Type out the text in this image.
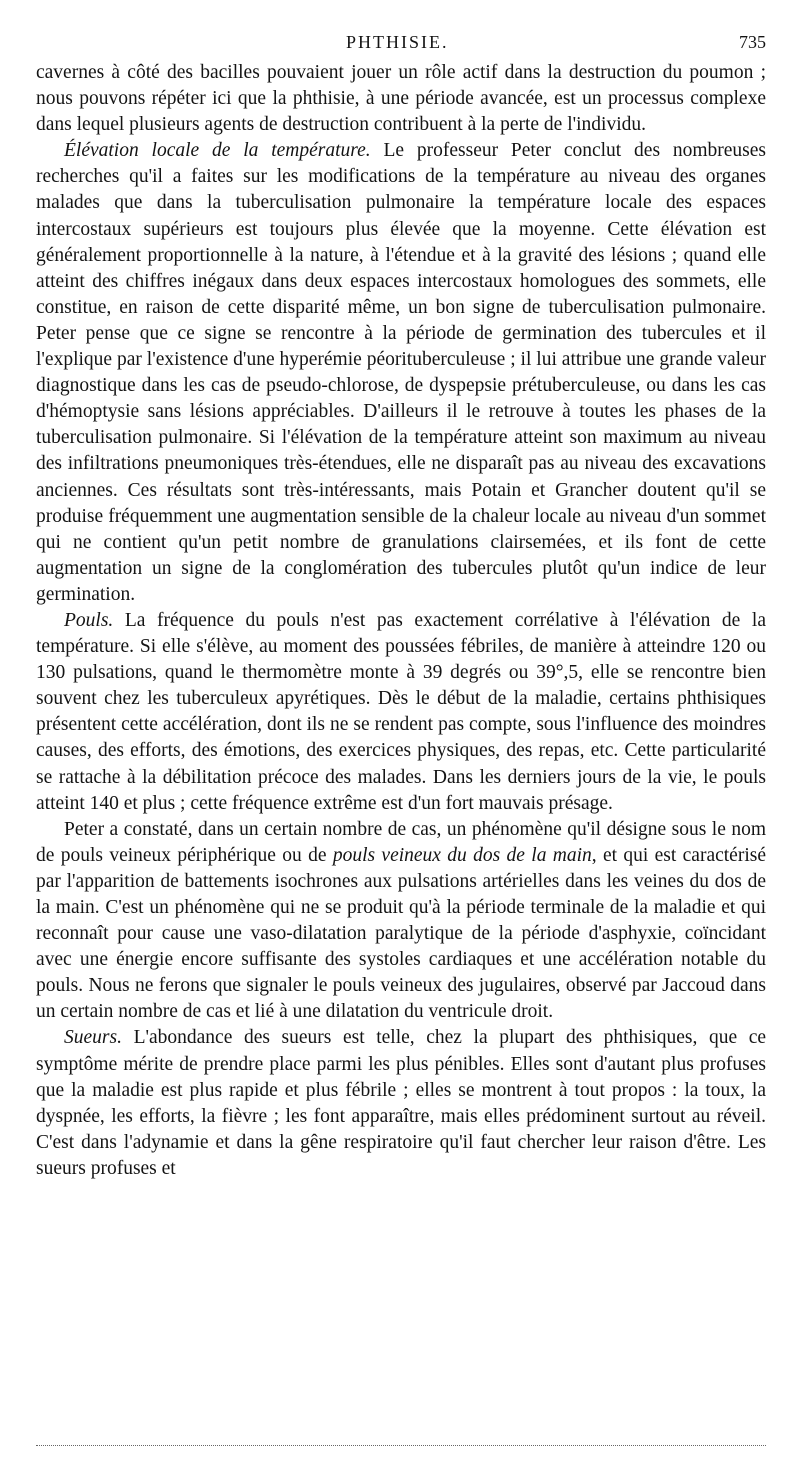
PHTHISIE.	735

cavernes à côté des bacilles pouvaient jouer un rôle actif dans la destruction du poumon ; nous pouvons répéter ici que la phthisie, à une période avancée, est un processus complexe dans lequel plusieurs agents de destruction contribuent à la perte de l'individu.

Élévation locale de la température. Le professeur Peter conclut des nombreuses recherches qu'il a faites sur les modifications de la température au niveau des organes malades que dans la tuberculisation pulmonaire la température locale des espaces intercostaux supérieurs est toujours plus élevée que la moyenne. Cette élévation est généralement proportionnelle à la nature, à l'étendue et à la gravité des lésions ; quand elle atteint des chiffres inégaux dans deux espaces intercostaux homologues des sommets, elle constitue, en raison de cette disparité même, un bon signe de tuberculisation pulmonaire. Peter pense que ce signe se rencontre à la période de germination des tubercules et il l'explique par l'existence d'une hyperémie péorituberculeuse ; il lui attribue une grande valeur diagnostique dans les cas de pseudo-chlorose, de dyspepsie prétuberculeuse, ou dans les cas d'hémoptysie sans lésions appréciables. D'ailleurs il le retrouve à toutes les phases de la tuberculisation pulmonaire. Si l'élévation de la température atteint son maximum au niveau des infiltrations pneumoniques très-étendues, elle ne disparaît pas au niveau des excavations anciennes. Ces résultats sont très-intéressants, mais Potain et Grancher doutent qu'il se produise fréquemment une augmentation sensible de la chaleur locale au niveau d'un sommet qui ne contient qu'un petit nombre de granulations clairsemées, et ils font de cette augmentation un signe de la conglomération des tubercules plutôt qu'un indice de leur germination.

Pouls. La fréquence du pouls n'est pas exactement corrélative à l'élévation de la température. Si elle s'élève, au moment des poussées fébriles, de manière à atteindre 120 ou 130 pulsations, quand le thermomètre monte à 39 degrés ou 39°,5, elle se rencontre bien souvent chez les tuberculeux apyrétiques. Dès le début de la maladie, certains phthisiques présentent cette accélération, dont ils ne se rendent pas compte, sous l'influence des moindres causes, des efforts, des émotions, des exercices physiques, des repas, etc. Cette particularité se rattache à la débilitation précoce des malades. Dans les derniers jours de la vie, le pouls atteint 140 et plus ; cette fréquence extrême est d'un fort mauvais présage.

Peter a constaté, dans un certain nombre de cas, un phénomène qu'il désigne sous le nom de pouls veineux périphérique ou de pouls veineux du dos de la main, et qui est caractérisé par l'apparition de battements isochrones aux pulsations artérielles dans les veines du dos de la main. C'est un phénomène qui ne se produit qu'à la période terminale de la maladie et qui reconnaît pour cause une vaso-dilatation paralytique de la période d'asphyxie, coïncidant avec une énergie encore suffisante des systoles cardiaques et une accélération notable du pouls. Nous ne ferons que signaler le pouls veineux des jugulaires, observé par Jaccoud dans un certain nombre de cas et lié à une dilatation du ventricule droit.

Sueurs. L'abondance des sueurs est telle, chez la plupart des phthisiques, que ce symptôme mérite de prendre place parmi les plus pénibles. Elles sont d'autant plus profuses que la maladie est plus rapide et plus fébrile ; elles se montrent à tout propos : la toux, la dyspnée, les efforts, la fièvre ; les font apparaître, mais elles prédominent surtout au réveil. C'est dans l'adynamie et dans la gêne respiratoire qu'il faut chercher leur raison d'être. Les sueurs profuses et
